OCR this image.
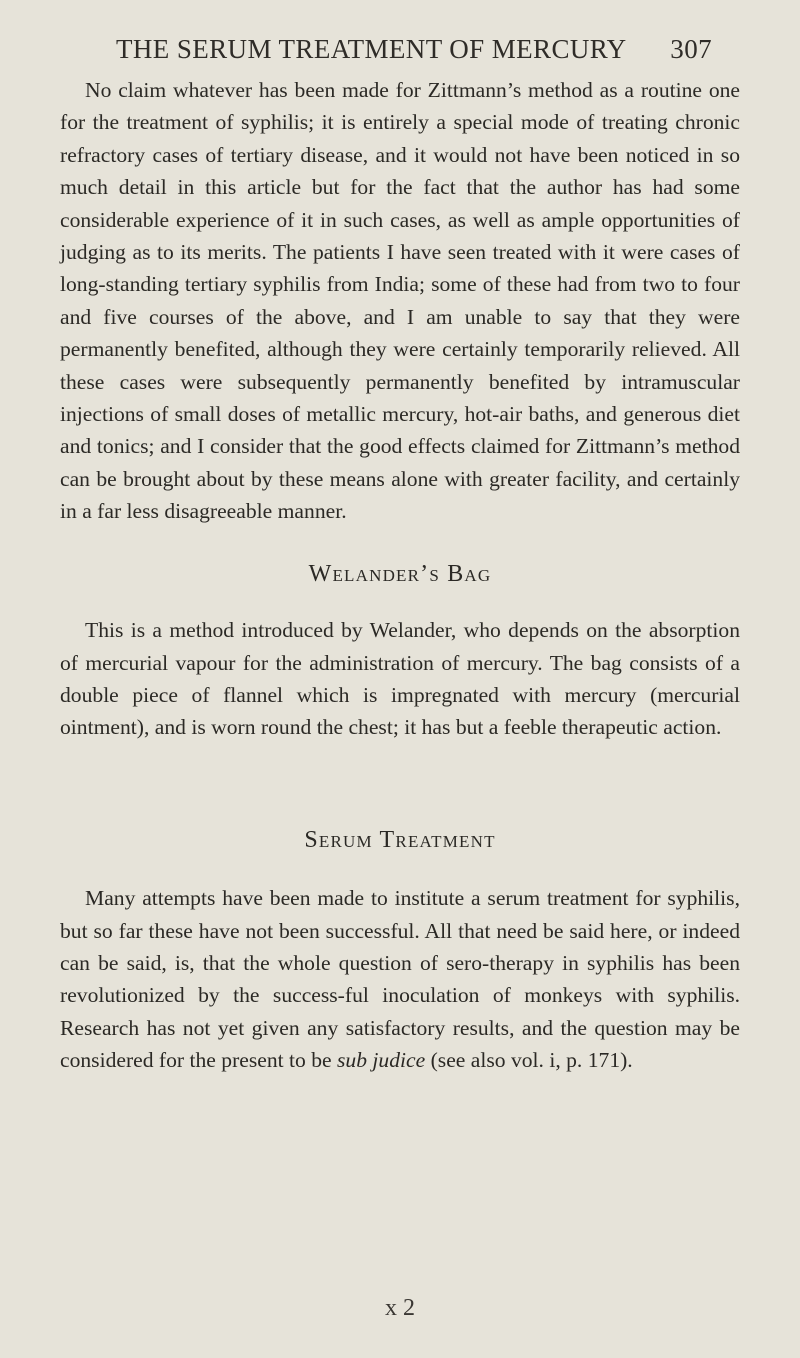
THE SERUM TREATMENT OF MERCURY 307

No claim whatever has been made for Zittmann’s method as a routine one for the treatment of syphilis; it is entirely a special mode of treating chronic refractory cases of tertiary disease, and it would not have been noticed in so much detail in this article but for the fact that the author has had some considerable experience of it in such cases, as well as ample opportunities of judging as to its merits. The patients I have seen treated with it were cases of long-standing tertiary syphilis from India; some of these had from two to four and five courses of the above, and I am unable to say that they were permanently benefited, although they were certainly temporarily relieved. All these cases were subsequently permanently benefited by intramuscular injections of small doses of metallic mercury, hot-air baths, and generous diet and tonics; and I consider that the good effects claimed for Zittmann’s method can be brought about by these means alone with greater facility, and certainly in a far less disagreeable manner.

Welander’s Bag

This is a method introduced by Welander, who depends on the absorption of mercurial vapour for the administration of mercury. The bag consists of a double piece of flannel which is impregnated with mercury (mercurial ointment), and is worn round the chest; it has but a feeble therapeutic action.

Serum Treatment

Many attempts have been made to institute a serum treatment for syphilis, but so far these have not been successful. All that need be said here, or indeed can be said, is, that the whole question of sero-therapy in syphilis has been revolutionized by the success-ful inoculation of monkeys with syphilis. Research has not yet given any satisfactory results, and the question may be considered for the present to be sub judice (see also vol. i, p. 171).

x 2
